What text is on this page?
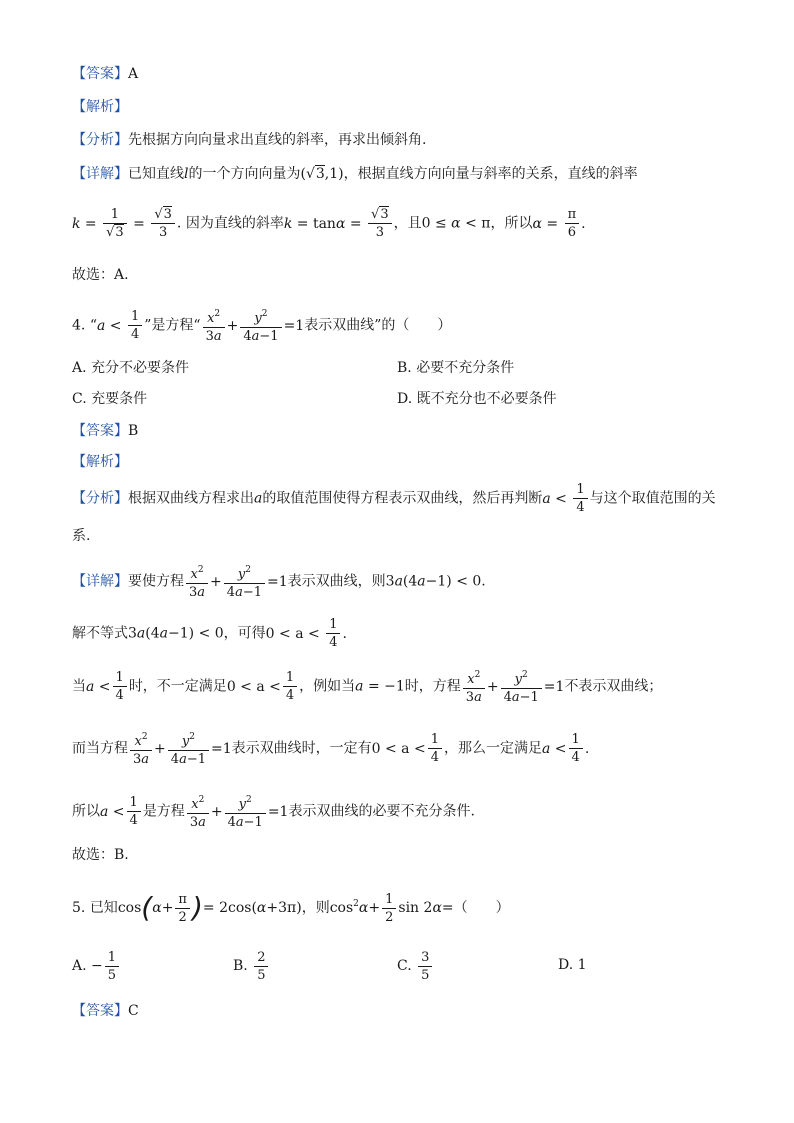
【答案】A
【解析】
【分析】先根据方向向量求出直线的斜率，再求出倾斜角.
【详解】已知直线l的一个方向向量为(√3,1)，根据直线方向向量与斜率的关系，直线的斜率
$k = \frac{1}{√3} = \frac{√3}{3}$ . 因为直线的斜率$k = \tan\alpha = \frac{√3}{3}$ ，且0 ≤ α < π，所以$\alpha = \frac{\pi}{6}$ .
故选：A.
4. “$a < \frac{1}{4}$ ”是方程“ $\frac{x^2}{3a} + \frac{y^2}{4a-1} =1$表示双曲线”的（　　）
A. 充分不必要条件	B. 必要不充分条件
C. 充要条件	D. 既不充分也不必要条件
【答案】B
【解析】
【分析】根据双曲线方程求出a的取值范围使得方程表示双曲线，然后再判断$a < \frac{1}{4}$ 与这个取值范围的关
系.
【详解】要使方程 $\frac{x^2}{3a} + \frac{y^2}{4a-1} =1$表示双曲线，则3a(4a−1) < 0.
解不等式3a(4a−1) < 0，可得$0 < a < \frac{1}{4}$ .
当$a < \frac{1}{4}$ 时，不一定满足$0 < a < \frac{1}{4}$ ，例如当a = −1时，方程 $\frac{x^2}{3a} + \frac{y^2}{4a-1} =1$不表示双曲线；
而当方程 $\frac{x^2}{3a} + \frac{y^2}{4a-1} =1$表示双曲线时，一定有$0 < a < \frac{1}{4}$ ，那么一定满足$a < \frac{1}{4}$ .
所以$a < \frac{1}{4}$ 是方程 $\frac{x^2}{3a} + \frac{y^2}{4a-1} =1$表示双曲线的必要不充分条件.
故选：B.
5. 已知$\cos(\alpha+ \frac{\pi}{2}$ )= 2cos(α+3π)，则$\cos^2\alpha+ \frac{1}{2}$ sin 2α=（　　）
A. − $\frac{1}{5}$	B. $\frac{2}{5}$	C. $\frac{3}{5}$	D. 1
【答案】C
